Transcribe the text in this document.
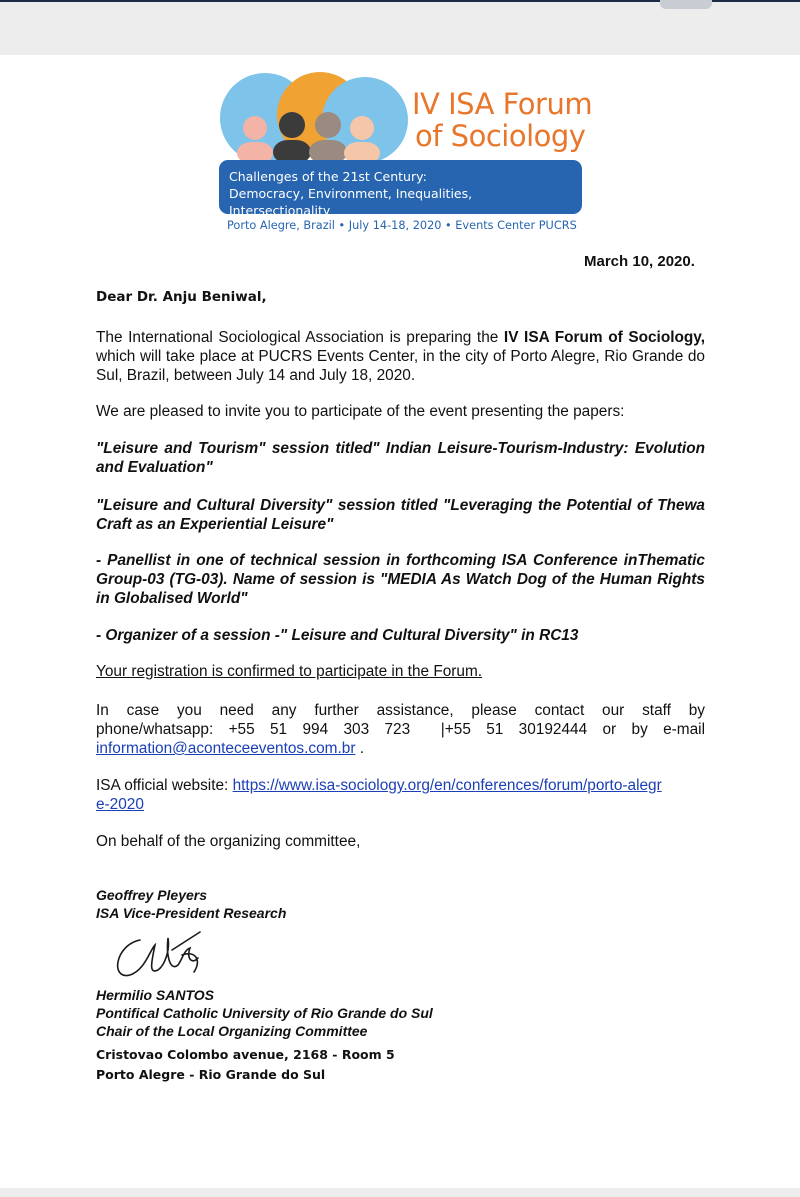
IV ISA Forum
of Sociology
Challenges of the 21st Century:
Democracy, Environment, Inequalities, Intersectionality
Porto Alegre, Brazil • July 14-18, 2020 • Events Center PUCRS
March 10, 2020.
Dear Dr. Anju Beniwal,
The International Sociological Association is preparing the IV ISA Forum of Sociology, which will take place at PUCRS Events Center, in the city of Porto Alegre, Rio Grande do Sul, Brazil, between July 14 and July 18, 2020.
We are pleased to invite you to participate of the event presenting the papers:
"Leisure and Tourism" session titled" Indian Leisure-Tourism-Industry: Evolution and Evaluation"
"Leisure and Cultural Diversity" session titled "Leveraging the Potential of Thewa Craft as an Experiential Leisure"
- Panellist in one of technical session in forthcoming ISA Conference inThematic Group-03 (TG-03). Name of session is "MEDIA As Watch Dog of the Human Rights in Globalised World"
- Organizer of a session -" Leisure and Cultural Diversity" in RC13
Your registration is confirmed to participate in the Forum.
In case you need any further assistance, please contact our staff by
phone/whatsapp: +55 51 994 303 723  |+55 51 30192444 or by e-mail
information@aconteceeventos.com.br .
ISA official website: https://www.isa-sociology.org/en/conferences/forum/porto-alegre-2020
On behalf of the organizing committee,
Geoffrey Pleyers
ISA Vice-President Research
Hermilio SANTOS
Pontifical Catholic University of Rio Grande do Sul
Chair of the Local Organizing Committee
Cristovao Colombo avenue, 2168 - Room 5
Porto Alegre - Rio Grande do Sul
